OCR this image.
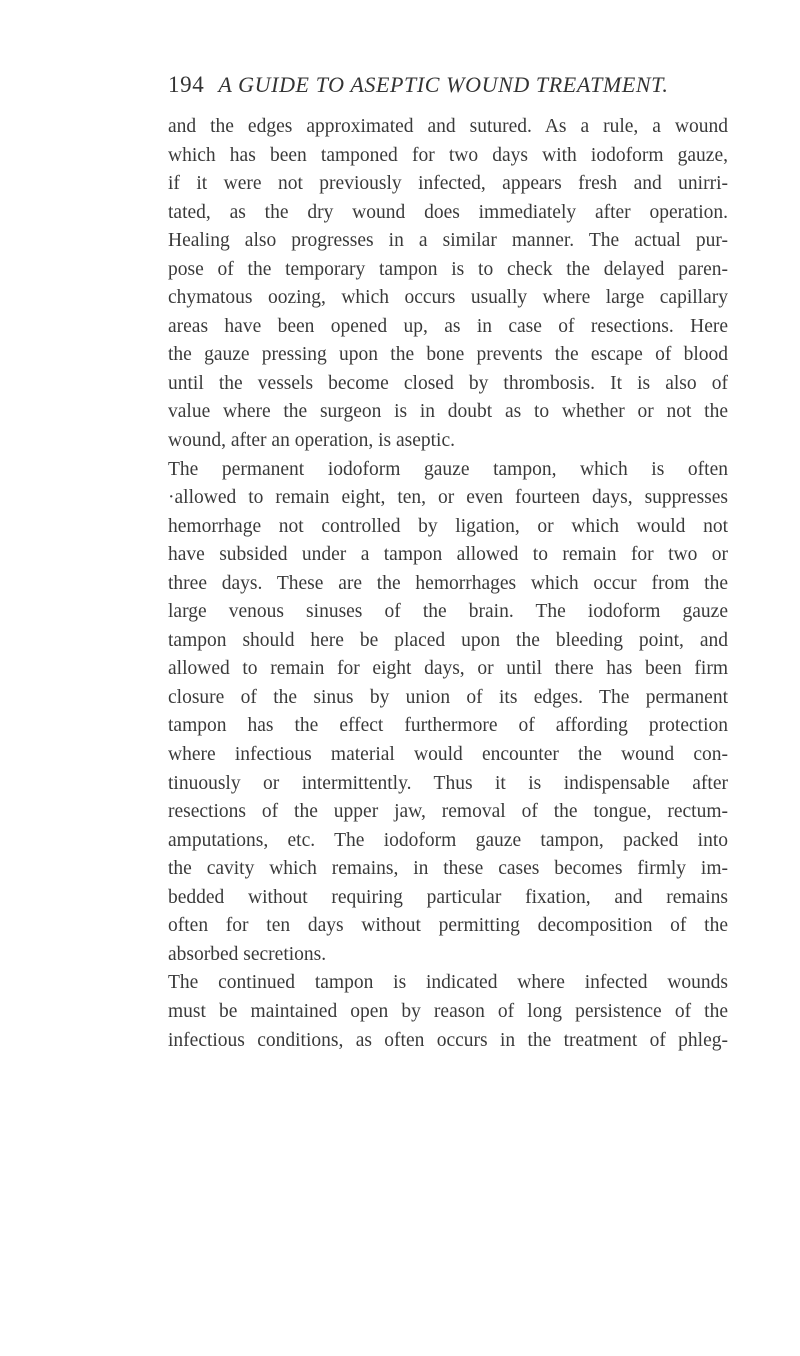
194 A GUIDE TO ASEPTIC WOUND TREATMENT.
and the edges approximated and sutured. As a rule, a wound
which has been tamponed for two days with iodoform gauze,
if it were not previously infected, appears fresh and unirri-
tated, as the dry wound does immediately after operation.
Healing also progresses in a similar manner. The actual pur-
pose of the temporary tampon is to check the delayed paren-
chymatous oozing, which occurs usually where large capillary
areas have been opened up, as in case of resections. Here
the gauze pressing upon the bone prevents the escape of blood
until the vessels become closed by thrombosis. It is also of
value where the surgeon is in doubt as to whether or not the
wound, after an operation, is aseptic.
The permanent iodoform gauze tampon, which is often
·allowed to remain eight, ten, or even fourteen days, suppresses
hemorrhage not controlled by ligation, or which would not
have subsided under a tampon allowed to remain for two or
three days. These are the hemorrhages which occur from the
large venous sinuses of the brain. The iodoform gauze
tampon should here be placed upon the bleeding point, and
allowed to remain for eight days, or until there has been firm
closure of the sinus by union of its edges. The permanent
tampon has the effect furthermore of affording protection
where infectious material would encounter the wound con-
tinuously or intermittently. Thus it is indispensable after
resections of the upper jaw, removal of the tongue, rectum-
amputations, etc. The iodoform gauze tampon, packed into
the cavity which remains, in these cases becomes firmly im-
bedded without requiring particular fixation, and remains
often for ten days without permitting decomposition of the
absorbed secretions.
The continued tampon is indicated where infected wounds
must be maintained open by reason of long persistence of the
infectious conditions, as often occurs in the treatment of phleg-
